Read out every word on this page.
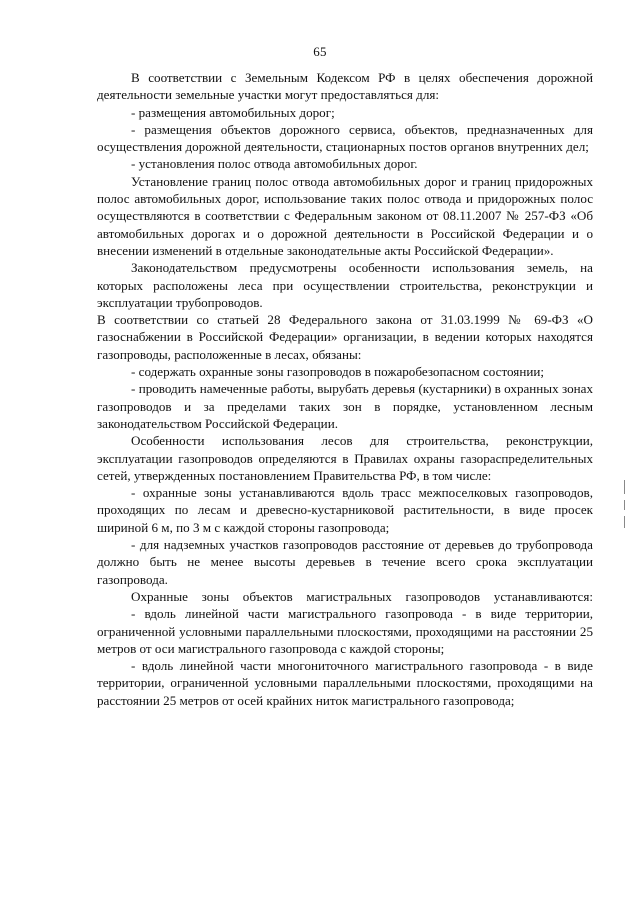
65

В соответствии с Земельным Кодексом РФ в целях обеспечения дорожной деятельности земельные участки могут предоставляться для:

- размещения автомобильных дорог;

- размещения объектов дорожного сервиса, объектов, предназначенных для осуществления дорожной деятельности, стационарных постов органов внутренних дел;

- установления полос отвода автомобильных дорог.

Установление границ полос отвода автомобильных дорог и границ придорожных полос автомобильных дорог, использование таких полос отвода и придорожных полос осуществляются в соответствии с Федеральным законом от 08.11.2007 № 257-ФЗ «Об автомобильных дорогах и о дорожной деятельности в Российской Федерации и о внесении изменений в отдельные законодательные акты Российской Федерации».

Законодательством предусмотрены особенности использования земель, на которых расположены леса при осуществлении строительства, реконструкции и эксплуатации трубопроводов.

В соответствии со статьей 28 Федерального закона от 31.03.1999 № 69-ФЗ «О газоснабжении в Российской Федерации» организации, в ведении которых находятся газопроводы, расположенные в лесах, обязаны:

- содержать охранные зоны газопроводов в пожаробезопасном состоянии;

- проводить намеченные работы, вырубать деревья (кустарники) в охранных зонах газопроводов и за пределами таких зон в порядке, установленном лесным законодательством Российской Федерации.

Особенности использования лесов для строительства, реконструкции, эксплуатации газопроводов определяются в Правилах охраны газораспределительных сетей, утвержденных постановлением Правительства РФ, в том числе:

- охранные зоны устанавливаются вдоль трасс межпоселковых газопроводов, проходящих по лесам и древесно-кустарниковой растительности, в виде просек шириной 6 м, по 3 м с каждой стороны газопровода;

- для надземных участков газопроводов расстояние от деревьев до трубопровода должно быть не менее высоты деревьев в течение всего срока эксплуатации газопровода.

Охранные зоны объектов магистральных газопроводов устанавливаются:

- вдоль линейной части магистрального газопровода - в виде территории, ограниченной условными параллельными плоскостями, проходящими на расстоянии 25 метров от оси магистрального газопровода с каждой стороны;

- вдоль линейной части многониточного магистрального газопровода - в виде территории, ограниченной условными параллельными плоскостями, проходящими на расстоянии 25 метров от осей крайних ниток магистрального газопровода;
